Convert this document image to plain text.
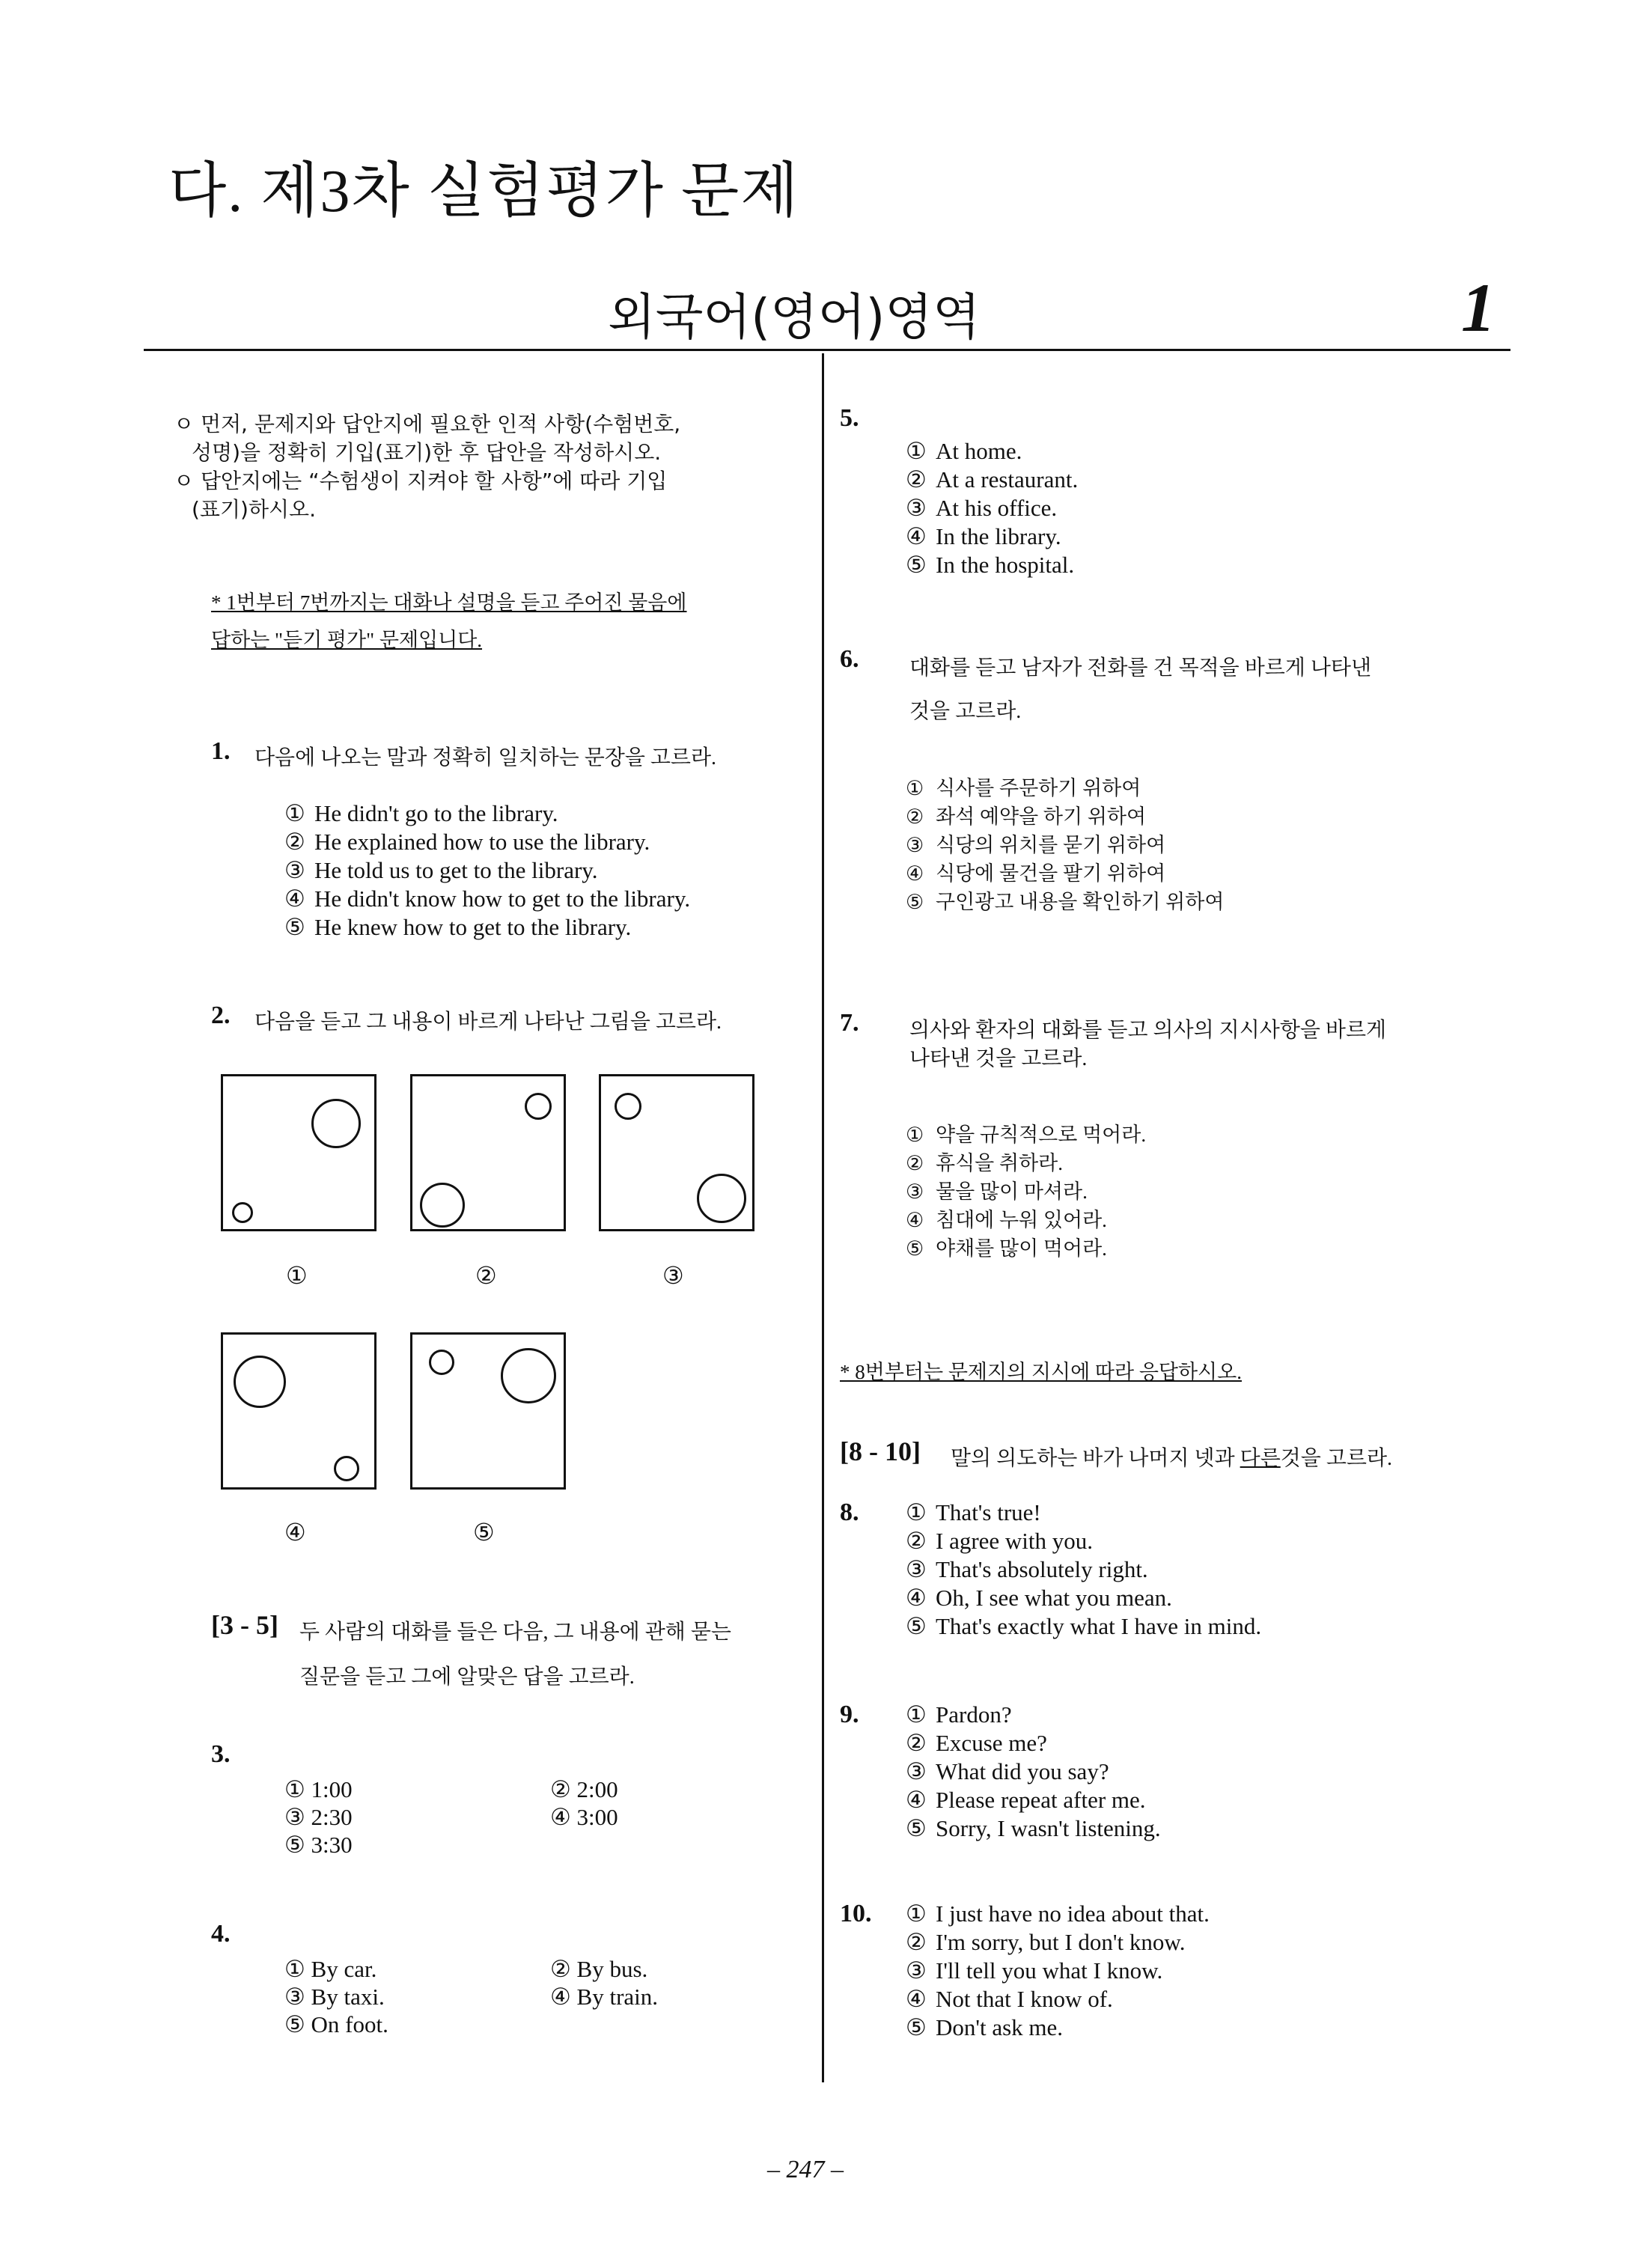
다. 제3차 실험평가 문제
외국어(영어)영역	1
ㅇ 먼저, 문제지와 답안지에 필요한 인적 사항(수험번호,
성명)을 정확히 기입(표기)한 후 답안을 작성하시오.
ㅇ 답안지에는 “수험생이 지켜야 할 사항”에 따라 기입
(표기)하시오.
* 1번부터 7번까지는 대화나 설명을 듣고 주어진 물음에
답하는 "듣기 평가" 문제입니다.
1. 다음에 나오는 말과 정확히 일치하는 문장을 고르라.
① He didn't go to the library.
② He explained how to use the library.
③ He told us to get to the library.
④ He didn't know how to get to the library.
⑤ He knew how to get to the library.
2. 다음을 듣고 그 내용이 바르게 나타난 그림을 고르라.
①	②	③
④	⑤
[3 - 5] 두 사람의 대화를 들은 다음, 그 내용에 관해 묻는
질문을 듣고 그에 알맞은 답을 고르라.
3.
① 1:00	② 2:00
③ 2:30	④ 3:00
⑤ 3:30
4.
① By car.	② By bus.
③ By taxi.	④ By train.
⑤ On foot.
5.
① At home.
② At a restaurant.
③ At his office.
④ In the library.
⑤ In the hospital.
6. 대화를 듣고 남자가 전화를 건 목적을 바르게 나타낸
것을 고르라.
① 식사를 주문하기 위하여
② 좌석 예약을 하기 위하여
③ 식당의 위치를 묻기 위하여
④ 식당에 물건을 팔기 위하여
⑤ 구인광고 내용을 확인하기 위하여
7. 의사와 환자의 대화를 듣고 의사의 지시사항을 바르게
나타낸 것을 고르라.
① 약을 규칙적으로 먹어라.
② 휴식을 취하라.
③ 물을 많이 마셔라.
④ 침대에 누워 있어라.
⑤ 야채를 많이 먹어라.
* 8번부터는 문제지의 지시에 따라 응답하시오.
[8 - 10] 말의 의도하는 바가 나머지 넷과 다른것을 고르라.
8. ① That's true!
② I agree with you.
③ That's absolutely right.
④ Oh, I see what you mean.
⑤ That's exactly what I have in mind.
9. ① Pardon?
② Excuse me?
③ What did you say?
④ Please repeat after me.
⑤ Sorry, I wasn't listening.
10. ① I just have no idea about that.
② I'm sorry, but I don't know.
③ I'll tell you what I know.
④ Not that I know of.
⑤ Don't ask me.
– 247 –
